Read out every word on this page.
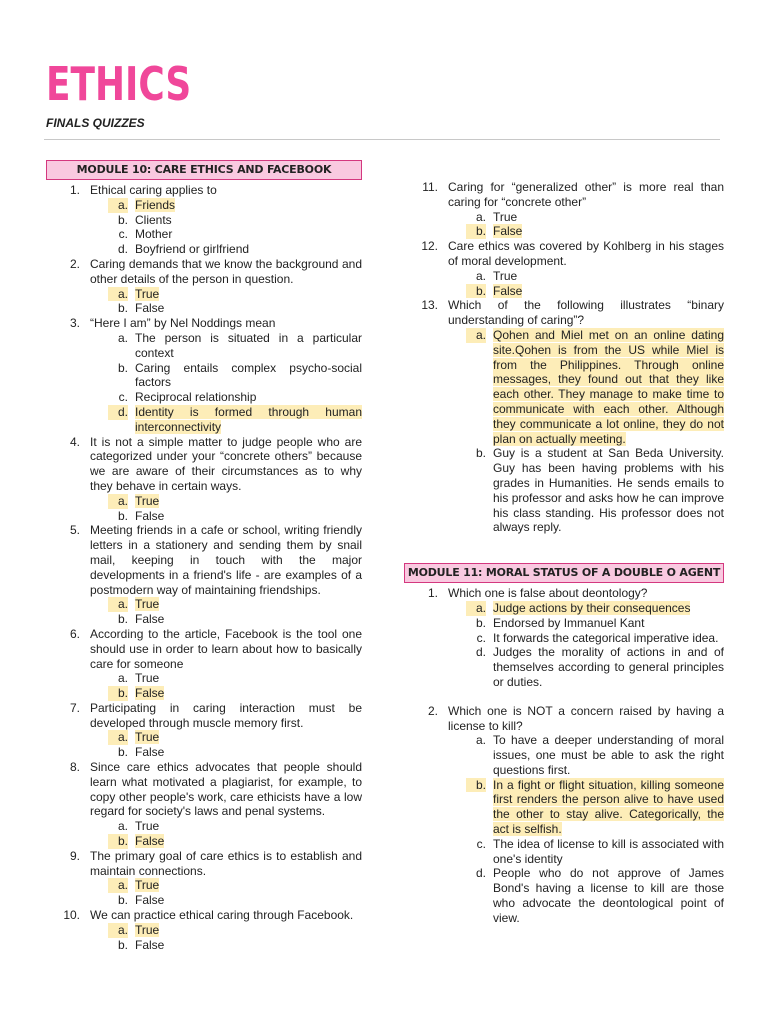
ETHICS
FINALS QUIZZES
MODULE 10: CARE ETHICS AND FACEBOOK
1. Ethical caring applies to
a. Friends
b. Clients
c. Mother
d. Boyfriend or girlfriend
2. Caring demands that we know the background and other details of the person in question.
a. True
b. False
3. “Here I am” by Nel Noddings mean
a. The person is situated in a particular context
b. Caring entails complex psycho-social factors
c. Reciprocal relationship
d. Identity is formed through human interconnectivity
4. It is not a simple matter to judge people who are categorized under your “concrete others” because we are aware of their circumstances as to why they behave in certain ways.
a. True
b. False
5. Meeting friends in a cafe or school, writing friendly letters in a stationery and sending them by snail mail, keeping in touch with the major developments in a friend's life - are examples of a postmodern way of maintaining friendships.
a. True
b. False
6. According to the article, Facebook is the tool one should use in order to learn about how to basically care for someone
a. True
b. False
7. Participating in caring interaction must be developed through muscle memory first.
a. True
b. False
8. Since care ethics advocates that people should learn what motivated a plagiarist, for example, to copy other people's work, care ethicists have a low regard for society's laws and penal systems.
a. True
b. False
9. The primary goal of care ethics is to establish and maintain connections.
a. True
b. False
10. We can practice ethical caring through Facebook.
a. True
b. False
11. Caring for “generalized other” is more real than caring for “concrete other”
a. True
b. False
12. Care ethics was covered by Kohlberg in his stages of moral development.
a. True
b. False
13. Which of the following illustrates “binary understanding of caring”?
a. Qohen and Miel met on an online dating site.Qohen is from the US while Miel is from the Philippines. Through online messages, they found out that they like each other. They manage to make time to communicate with each other. Although they communicate a lot online, they do not plan on actually meeting.
b. Guy is a student at San Beda University. Guy has been having problems with his grades in Humanities. He sends emails to his professor and asks how he can improve his class standing. His professor does not always reply.
MODULE 11: MORAL STATUS OF A DOUBLE O AGENT
1. Which one is false about deontology?
a. Judge actions by their consequences
b. Endorsed by Immanuel Kant
c. It forwards the categorical imperative idea.
d. Judges the morality of actions in and of themselves according to general principles or duties.
2. Which one is NOT a concern raised by having a license to kill?
a. To have a deeper understanding of moral issues, one must be able to ask the right questions first.
b. In a fight or flight situation, killing someone first renders the person alive to have used the other to stay alive. Categorically, the act is selfish.
c. The idea of license to kill is associated with one's identity
d. People who do not approve of James Bond's having a license to kill are those who advocate the deontological point of view.
